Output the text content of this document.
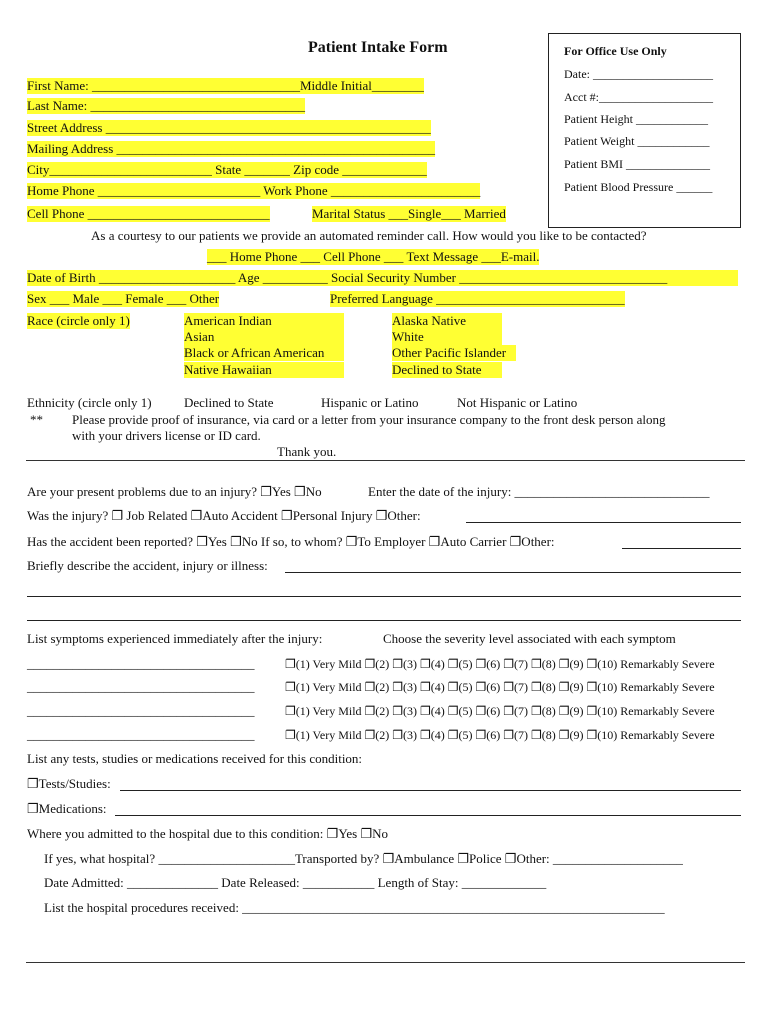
Patient Intake Form	For Office Use Only
Date: ____________________
Acct #:___________________
Patient Height ____________
Patient Weight ____________
Patient BMI ______________
Patient Blood Pressure ______
First Name: ________________________________Middle Initial________
Last Name: _________________________________
Street Address __________________________________________________
Mailing Address _________________________________________________
City_________________________ State _______ Zip code _____________
Home Phone _________________________ Work Phone _______________________
Cell Phone ____________________________	Marital Status ___Single___ Married
As a courtesy to our patients we provide an automated reminder call. How would you like to be contacted?
___ Home Phone ___ Cell Phone ___ Text Message ___E-mail.
Date of Birth _____________________ Age __________ Social Security Number ________________________________
Sex ___ Male ___ Female ___ Other	Preferred Language _____________________________
Race (circle only 1)	American Indian
Asian
Black or African American
Native Hawaiian
Alaska Native
White
Other Pacific Islander
Declined to State
Ethnicity (circle only 1) Declined to State	Hispanic or Latino	Not Hispanic or Latino
** Please provide proof of insurance, via card or a letter from your insurance company to the front desk person along
with your drivers license or ID card.
Thank you.
Are your present problems due to an injury? ❐Yes ❐No	Enter the date of the injury: ______________________________
Was the injury? ❐ Job Related ❐Auto Accident ❐Personal Injury ❐Other:
Has the accident been reported? ❐Yes ❐No If so, to whom? ❐To Employer ❐Auto Carrier ❐Other:
Briefly describe the accident, injury or illness:
List symptoms experienced immediately after the injury:	Choose the severity level associated with each symptom
___________________________________	❐(1) Very Mild ❐(2) ❐(3) ❐(4) ❐(5) ❐(6) ❐(7) ❐(8) ❐(9) ❐(10) Remarkably Severe
___________________________________	❐(1) Very Mild ❐(2) ❐(3) ❐(4) ❐(5) ❐(6) ❐(7) ❐(8) ❐(9) ❐(10) Remarkably Severe
___________________________________	❐(1) Very Mild ❐(2) ❐(3) ❐(4) ❐(5) ❐(6) ❐(7) ❐(8) ❐(9) ❐(10) Remarkably Severe
___________________________________	❐(1) Very Mild ❐(2) ❐(3) ❐(4) ❐(5) ❐(6) ❐(7) ❐(8) ❐(9) ❐(10) Remarkably Severe
List any tests, studies or medications received for this condition:
❐Tests/Studies:
❐Medications:
Where you admitted to the hospital due to this condition: ❐Yes ❐No
If yes, what hospital? _____________________Transported by? ❐Ambulance ❐Police ❐Other: ____________________
Date Admitted: ______________ Date Released: ___________ Length of Stay: _____________
List the hospital procedures received: _________________________________________________________________
